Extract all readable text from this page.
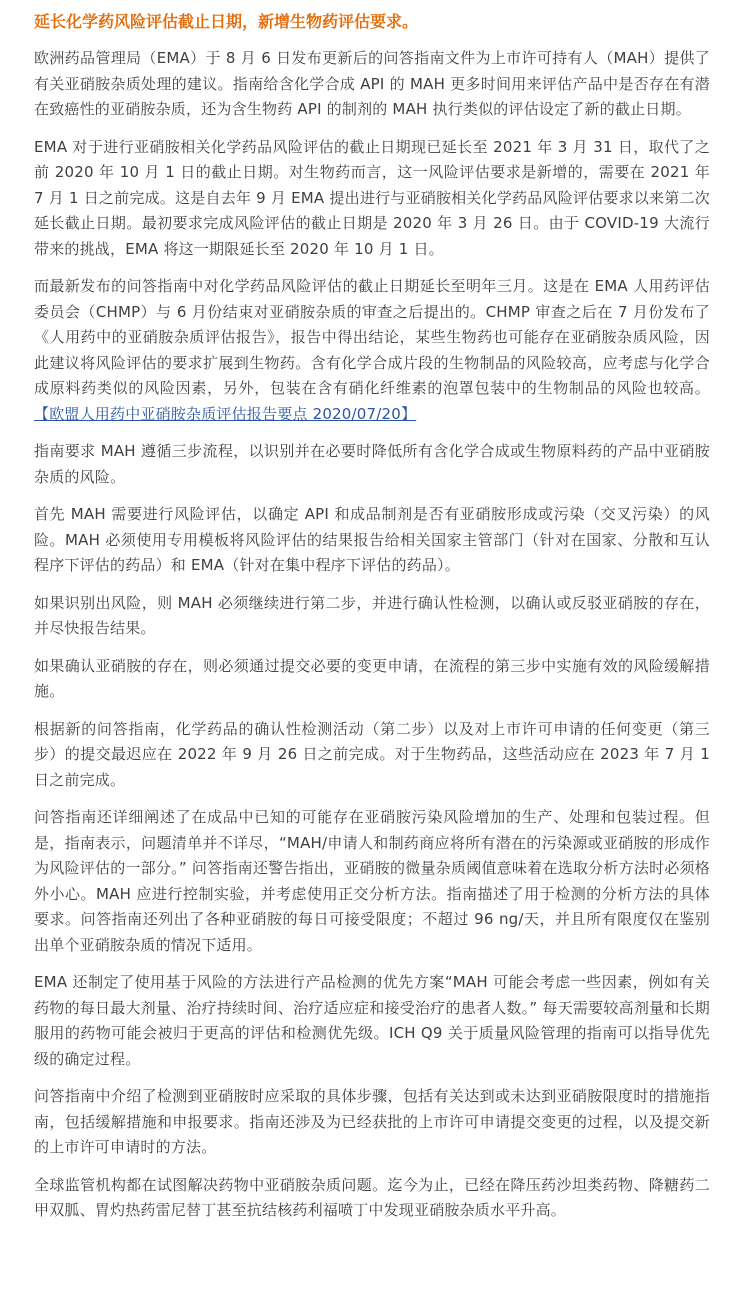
延长化学药风险评估截止日期，新增生物药评估要求。

欧洲药品管理局（EMA）于 8 月 6 日发布更新后的问答指南文件为上市许可持有人（MAH）提供了有关亚硝胺杂质处理的建议。指南给含化学合成 API 的 MAH 更多时间用来评估产品中是否存在有潜在致癌性的亚硝胺杂质，还为含生物药 API 的制剂的 MAH 执行类似的评估设定了新的截止日期。

EMA 对于进行亚硝胺相关化学药品风险评估的截止日期现已延长至 2021 年 3 月 31 日，取代了之前 2020 年 10 月 1 日的截止日期。对生物药而言，这一风险评估要求是新增的，需要在 2021 年 7 月 1 日之前完成。这是自去年 9 月 EMA 提出进行与亚硝胺相关化学药品风险评估要求以来第二次延长截止日期。最初要求完成风险评估的截止日期是 2020 年 3 月 26 日。由于 COVID-19 大流行带来的挑战，EMA 将这一期限延长至 2020 年 10 月 1 日。

而最新发布的问答指南中对化学药品风险评估的截止日期延长至明年三月。这是在 EMA 人用药评估委员会（CHMP）与 6 月份结束对亚硝胺杂质的审查之后提出的。CHMP 审查之后在 7 月份发布了《人用药中的亚硝胺杂质评估报告》，报告中得出结论，某些生物药也可能存在亚硝胺杂质风险，因此建议将风险评估的要求扩展到生物药。含有化学合成片段的生物制品的风险较高，应考虑与化学合成原料药类似的风险因素，另外，包装在含有硝化纤维素的泡罩包装中的生物制品的风险也较高。【欧盟人用药中亚硝胺杂质评估报告要点 2020/07/20】

指南要求 MAH 遵循三步流程，以识别并在必要时降低所有含化学合成或生物原料药的产品中亚硝胺杂质的风险。

首先 MAH 需要进行风险评估，以确定 API 和成品制剂是否有亚硝胺形成或污染（交叉污染）的风险。MAH 必须使用专用模板将风险评估的结果报告给相关国家主管部门（针对在国家、分散和互认程序下评估的药品）和 EMA（针对在集中程序下评估的药品）。

如果识别出风险，则 MAH 必须继续进行第二步，并进行确认性检测，以确认或反驳亚硝胺的存在，并尽快报告结果。

如果确认亚硝胺的存在，则必须通过提交必要的变更申请，在流程的第三步中实施有效的风险缓解措施。

根据新的问答指南，化学药品的确认性检测活动（第二步）以及对上市许可申请的任何变更（第三步）的提交最迟应在 2022 年 9 月 26 日之前完成。对于生物药品，这些活动应在 2023 年 7 月 1 日之前完成。

问答指南还详细阐述了在成品中已知的可能存在亚硝胺污染风险增加的生产、处理和包装过程。但是，指南表示，问题清单并不详尽，“MAH/申请人和制药商应将所有潜在的污染源或亚硝胺的形成作为风险评估的一部分。” 问答指南还警告指出，亚硝胺的微量杂质阈值意味着在选取分析方法时必须格外小心。MAH 应进行控制实验，并考虑使用正交分析方法。指南描述了用于检测的分析方法的具体要求。问答指南还列出了各种亚硝胺的每日可接受限度；不超过 96 ng/天，并且所有限度仅在鉴别出单个亚硝胺杂质的情况下适用。

EMA 还制定了使用基于风险的方法进行产品检测的优先方案“MAH 可能会考虑一些因素，例如有关药物的每日最大剂量、治疗持续时间、治疗适应症和接受治疗的患者人数。” 每天需要较高剂量和长期服用的药物可能会被归于更高的评估和检测优先级。ICH Q9 关于质量风险管理的指南可以指导优先级的确定过程。

问答指南中介绍了检测到亚硝胺时应采取的具体步骤，包括有关达到或未达到亚硝胺限度时的措施指南，包括缓解措施和申报要求。指南还涉及为已经获批的上市许可申请提交变更的过程，以及提交新的上市许可申请时的方法。

全球监管机构都在试图解决药物中亚硝胺杂质问题。迄今为止，已经在降压药沙坦类药物、降糖药二甲双胍、胃灼热药雷尼替丁甚至抗结核药利福喷丁中发现亚硝胺杂质水平升高。
